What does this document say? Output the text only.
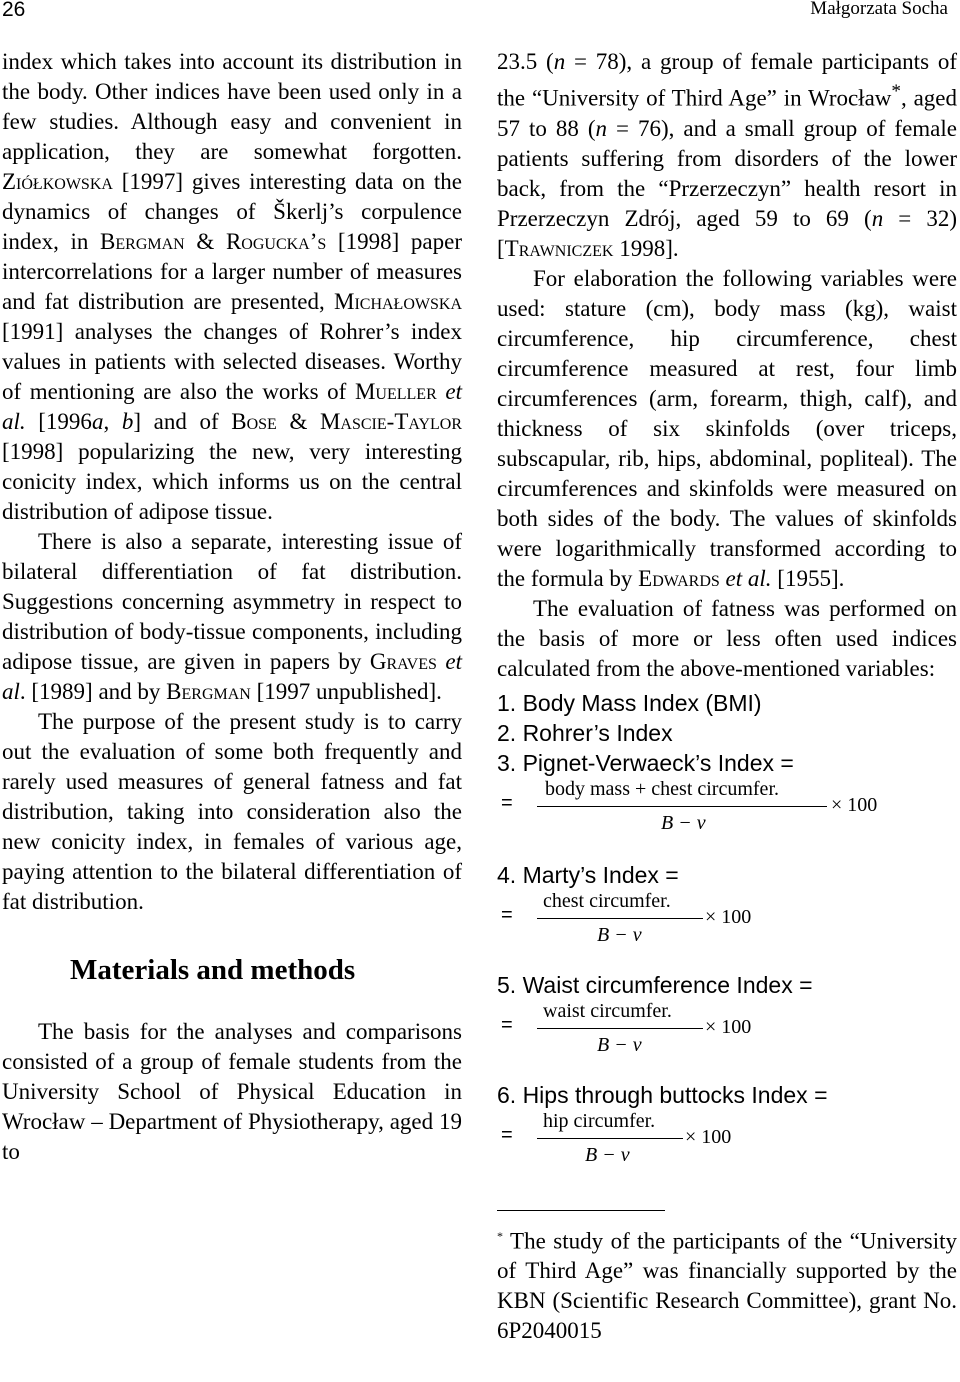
26	Małgorzata Socha

index which takes into account its distribution in the body. Other indices have been used only in a few studies. Although easy and convenient in application, they are somewhat forgotten. Ziółkowska [1997] gives interesting data on the dynamics of changes of Škerlj’s corpulence index, in Bergman & Rogucka’s [1998] paper intercorrelations for a larger number of measures and fat distribution are presented, Michałowska [1991] analyses the changes of Rohrer’s index values in patients with selected diseases. Worthy of mentioning are also the works of Mueller et al. [1996a, b] and of Bose & Mascie-Taylor [1998] popularizing the new, very interesting conicity index, which informs us on the central distribution of adipose tissue.

There is also a separate, interesting issue of bilateral differentiation of fat distribution. Suggestions concerning asymmetry in respect to distribution of body-tissue components, including adipose tissue, are given in papers by Graves et al. [1989] and by Bergman [1997 unpublished].

The purpose of the present study is to carry out the evaluation of some both frequently and rarely used measures of general fatness and fat distribution, taking into consideration also the new conicity index, in females of various age, paying attention to the bilateral differentiation of fat distribution.

Materials and methods

The basis for the analyses and comparisons consisted of a group of female students from the University School of Physical Education in Wrocław – Department of Physiotherapy, aged 19 to

23.5 (n = 78), a group of female participants of the “University of Third Age” in Wrocław*, aged 57 to 88 (n = 76), and a small group of female patients suffering from disorders of the lower back, from the “Przerzeczyn” health resort in Przerzeczyn Zdrój, aged 59 to 69 (n = 32) [Trawniczek 1998].

For elaboration the following variables were used: stature (cm), body mass (kg), waist circumference, hip circumference, chest circumference measured at rest, four limb circumferences (arm, forearm, thigh, calf), and thickness of six skinfolds (over triceps, subscapular, rib, hips, abdominal, popliteal). The circumferences and skinfolds were measured on both sides of the body. The values of skinfolds were logarithmically transformed according to the formula by Edwards et al. [1955].

The evaluation of fatness was performed on the basis of more or less often used indices calculated from the above-mentioned variables:

1. Body Mass Index (BMI)

2. Rohrer’s Index

3. Pignet-Verwaeck’s Index =

=
body mass + chest circumfer.
× 100
B − v

4. Marty’s Index =

=
chest circumfer.
× 100
B − v

5. Waist circumference Index =

=
waist circumfer.
× 100
B − v

6. Hips through buttocks Index =

=
hip circumfer.
× 100
B − v

* The study of the participants of the “University of Third Age” was financially supported by the KBN (Scientific Research Committee), grant No. 6P2040015
